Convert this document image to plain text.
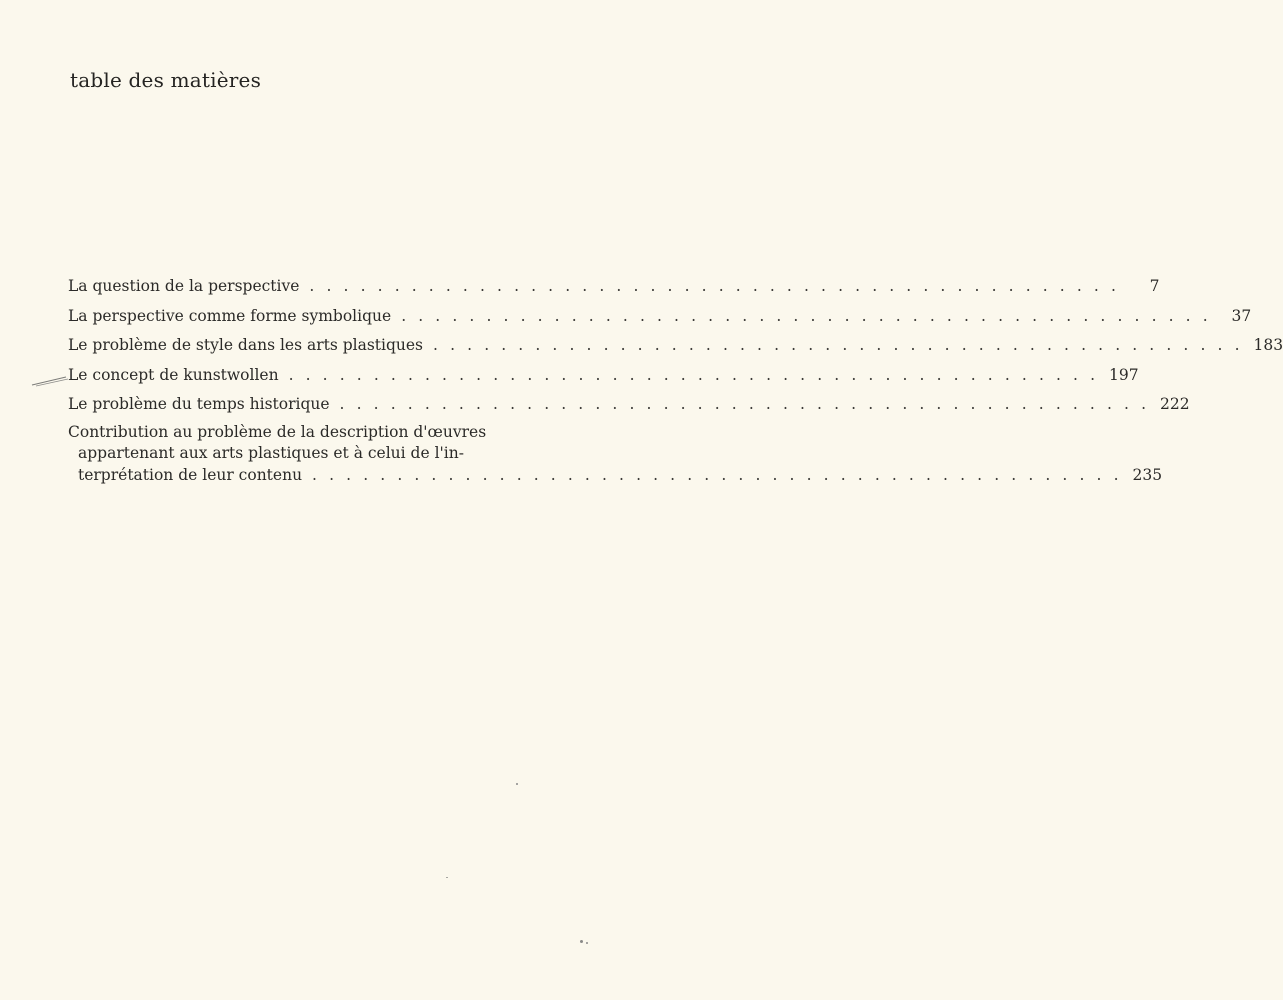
table des matières
La question de la perspective . . . . . . . . . . . . . . . . . . . . . . . . . . . . . . . . . . . . . . . . . . . . . . . .	7
La perspective comme forme symbolique . . . . . . . . . . . . . . . . . . . . . . . . . . . . . . . . . . . . . . . . . . . . . . . .	37
Le problème de style dans les arts plastiques . . . . . . . . . . . . . . . . . . . . . . . . . . . . . . . . . . . . . . . . . . . . . . . . 183
Le concept de kunstwollen . . . . . . . . . . . . . . . . . . . . . . . . . . . . . . . . . . . . . . . . . . . . . . . . 197
Le problème du temps historique . . . . . . . . . . . . . . . . . . . . . . . . . . . . . . . . . . . . . . . . . . . . . . . . 222
Contribution au problème de la description d'œuvres
appartenant aux arts plastiques et à celui de l'in-
terprétation de leur contenu . . . . . . . . . . . . . . . . . . . . . . . . . . . . . . . . . . . . . . . . . . . . . . . . 235
